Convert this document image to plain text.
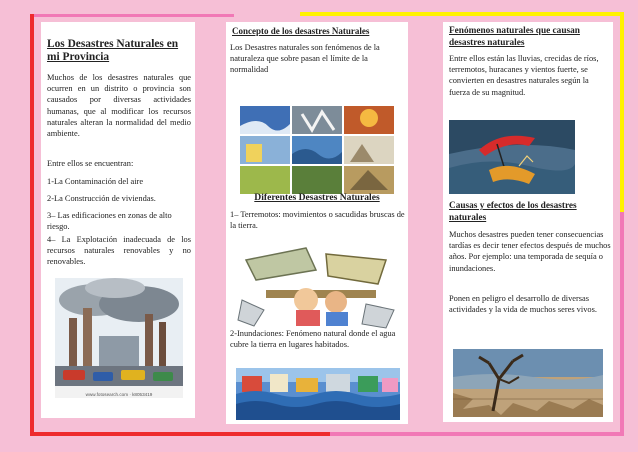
Los Desastres Naturales en mi Provincia
Muchos de los desastres naturales que ocurren en un distrito o provincia son causados por diversas actividades humanas, que al modificar los recursos naturales alteran la normalidad del medio ambiente.
Entre ellos se encuentran:
1-La Contaminación del aire
2-La Construcción de viviendas.
3– Las edificaciones en zonas de alto riesgo.
4– La Explotación inadecuada de los recursos naturales renovables y no renovables.
www.fotosearch.com · k8053419
Concepto de los desastres Naturales
Los Desastres naturales son fenómenos de la naturaleza que sobre pasan el límite de la normalidad
Diferentes Desastres Naturales
1– Terremotos: movimientos o sacudidas bruscas de la tierra.
2-Inundaciones: Fenómeno natural donde el agua cubre la tierra en lugares habitados.
Fenómenos naturales que causan desastres naturales
Entre ellos están las lluvias, crecidas de ríos, terremotos, huracanes y vientos fuerte, se convierten en desastres naturales según la fuerza de su magnitud.
Causas y efectos de los desastres naturales
Muchos desastres pueden tener consecuencias tardías es decir tener efectos después de muchos años. Por ejemplo: una temporada de sequía o inundaciones.
Ponen en peligro el desarrollo de diversas actividades y la vida de muchos seres vivos.
